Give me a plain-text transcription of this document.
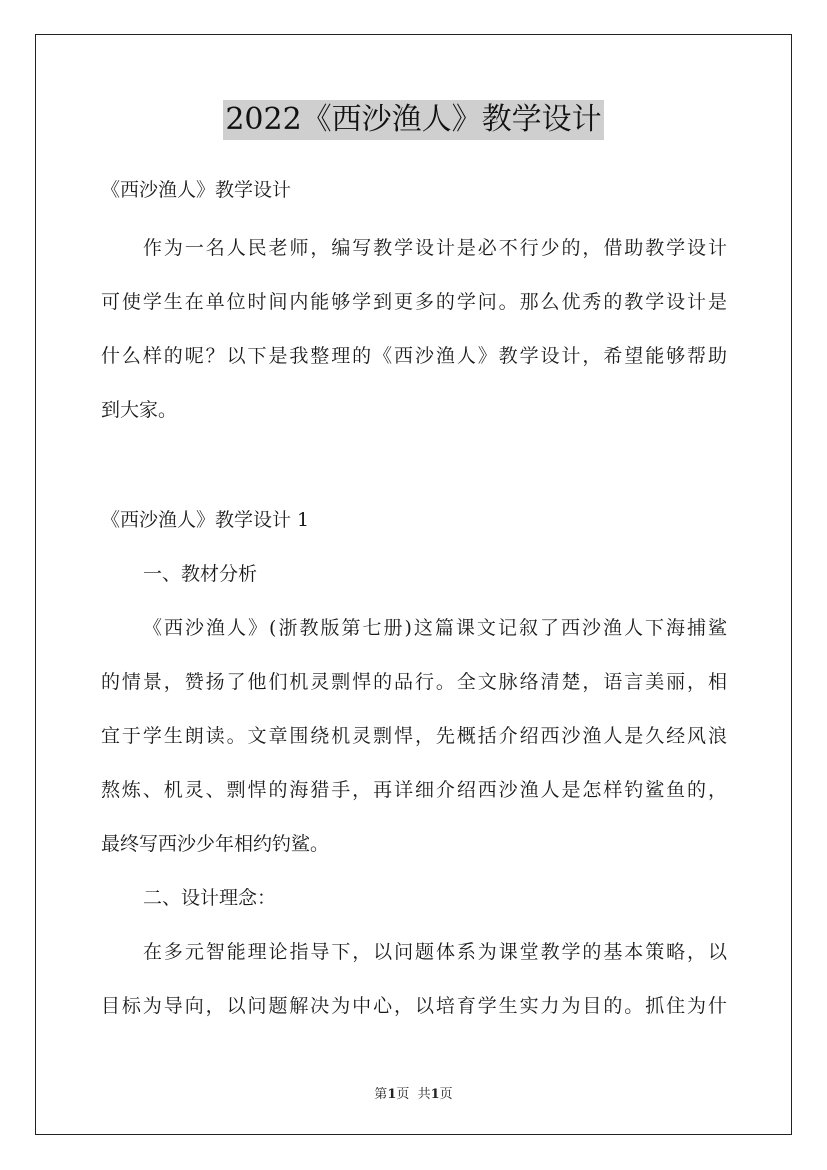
2022《西沙渔人》教学设计
《西沙渔人》教学设计
作为一名人民老师，编写教学设计是必不行少的，借助教学设计
可使学生在单位时间内能够学到更多的学问。那么优秀的教学设计是
什么样的呢？以下是我整理的《西沙渔人》教学设计，希望能够帮助
到大家。
《西沙渔人》教学设计 1
一、教材分析
《西沙渔人》(浙教版第七册)这篇课文记叙了西沙渔人下海捕鲨
的情景，赞扬了他们机灵剽悍的品行。全文脉络清楚，语言美丽，相
宜于学生朗读。文章围绕机灵剽悍，先概括介绍西沙渔人是久经风浪
熬炼、机灵、剽悍的海猎手，再详细介绍西沙渔人是怎样钓鲨鱼的，
最终写西沙少年相约钓鲨。
二、设计理念：
在多元智能理论指导下，以问题体系为课堂教学的基本策略，以
目标为导向，以问题解决为中心，以培育学生实力为目的。抓住为什
第1页  共1页
